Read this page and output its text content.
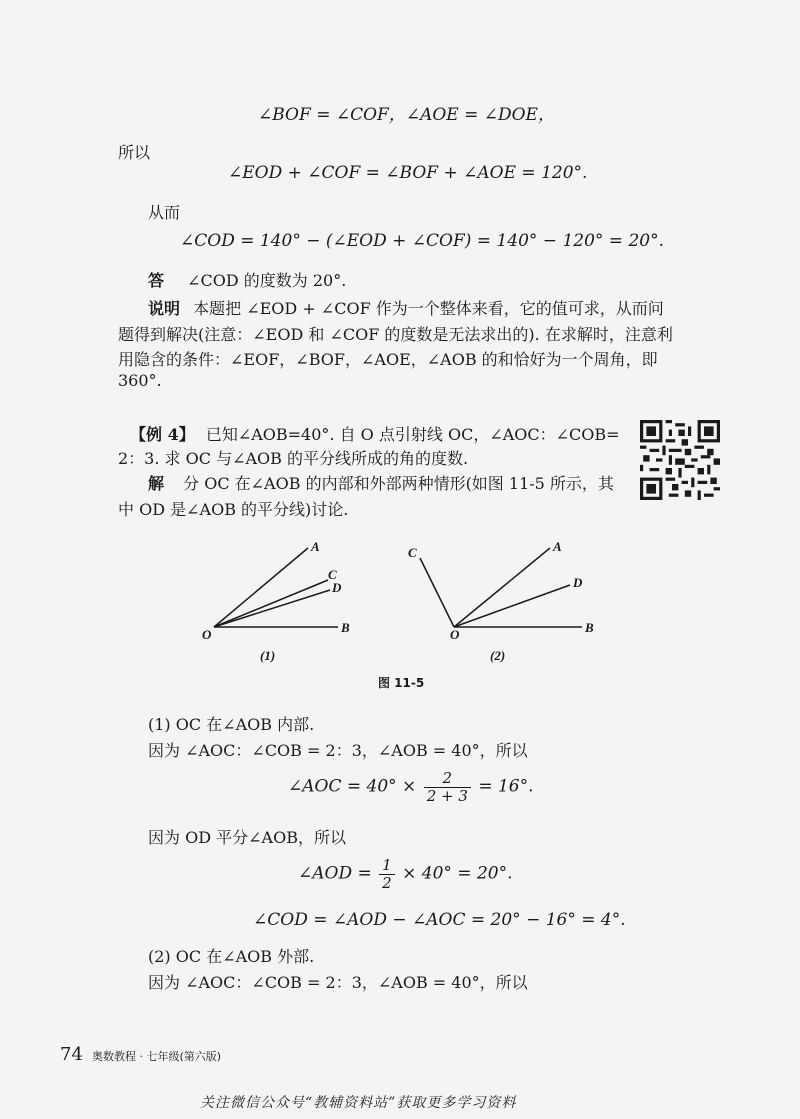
∠BOF = ∠COF，∠AOE = ∠DOE，
所以
∠EOD + ∠COF = ∠BOF + ∠AOE = 120°.
从而
∠COD = 140° − (∠EOD + ∠COF) = 140° − 120° = 20°.
答 ∠COD 的度数为 20°.
说明 本题把 ∠EOD + ∠COF 作为一个整体来看，它的值可求，从而问
题得到解决(注意：∠EOD 和 ∠COF 的度数是无法求出的). 在求解时，注意利
用隐含的条件：∠EOF，∠BOF，∠AOE，∠AOB 的和恰好为一个周角，即
360°.
【例 4】 已知∠AOB=40°. 自 O 点引射线 OC，∠AOC：∠COB=
2：3. 求 OC 与∠AOB 的平分线所成的角的度数.
解 分 OC 在∠AOB 的内部和外部两种情形(如图 11-5 所示，其
中 OD 是∠AOB 的平分线)讨论.
A
C
D
O	B
(1)
C	A
D
O	B
(2)
图 11-5
(1) OC 在∠AOB 内部.
因为 ∠AOC：∠COB = 2：3，∠AOB = 40°，所以
∠AOC = $40^\circ \times \frac{2}{2 + 3} = 16^\circ$.
因为 OD 平分∠AOB，所以
∠AOD = $\frac{1}{2} \times 40^\circ = 20^\circ$.
∠COD = ∠AOD − ∠AOC = 20° − 16° = 4°.
(2) OC 在∠AOB 外部.
因为 ∠AOC：∠COB = 2：3，∠AOB = 40°，所以
74 奥数教程 · 七年级(第六版)
关注微信公众号“教辅资料站”获取更多学习资料
